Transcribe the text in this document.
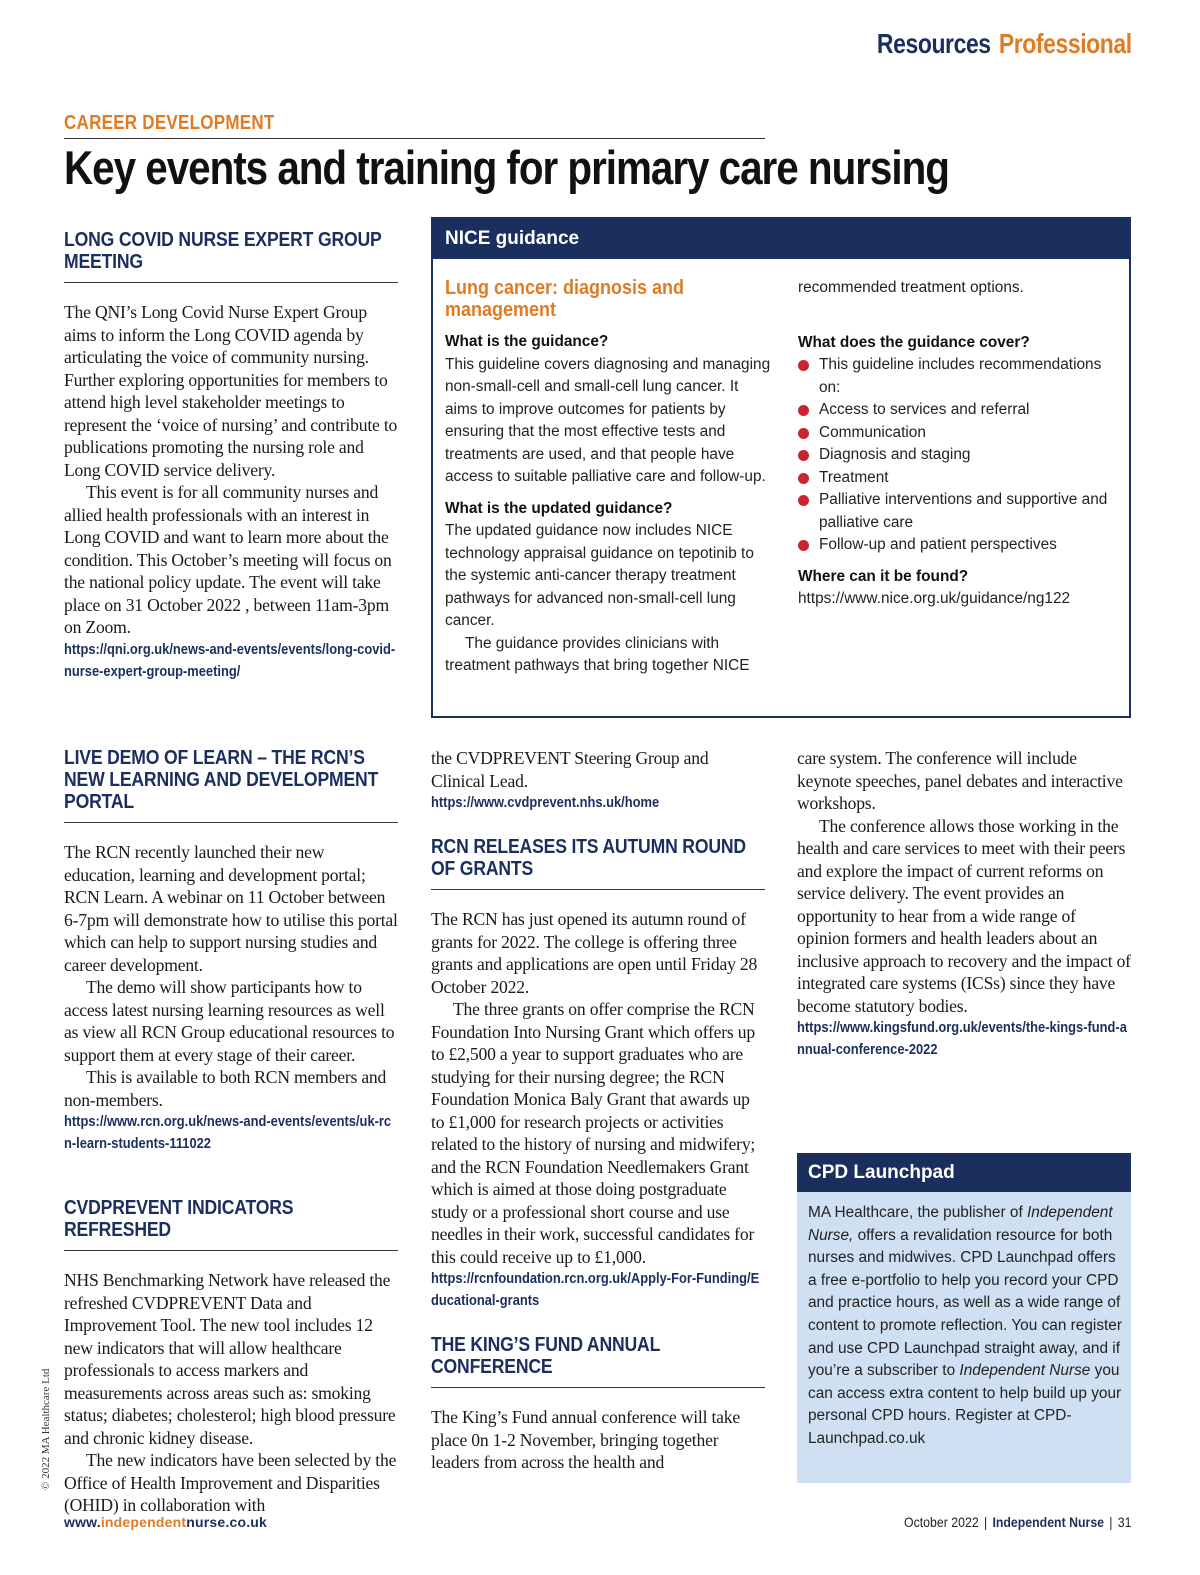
Resources Professional
CAREER DEVELOPMENT
Key events and training for primary care nursing
LONG COVID NURSE EXPERT GROUP MEETING

The QNI’s Long Covid Nurse Expert Group aims to inform the Long COVID agenda by articulating the voice of community nursing. Further exploring opportunities for members to attend high level stakeholder meetings to represent the ‘voice of nursing’ and contribute to publications promoting the nursing role and Long COVID service delivery.

This event is for all community nurses and allied health professionals with an interest in Long COVID and want to learn more about the condition. This October’s meeting will focus on the national policy update. The event will take place on 31 October 2022 , between 11am-3pm on Zoom.

https://qni.org.uk/news-and-events/events/long-covid-nurse-expert-group-meeting/

LIVE DEMO OF LEARN – THE RCN’S NEW LEARNING AND DEVELOPMENT PORTAL

The RCN recently launched their new education, learning and development portal; RCN Learn. A webinar on 11 October between 6-7pm will demonstrate how to utilise this portal which can help to support nursing studies and career development.

The demo will show participants how to access latest nursing learning resources as well as view all RCN Group educational resources to support them at every stage of their career.

This is available to both RCN members and non-members.

https://www.rcn.org.uk/news-and-events/events/uk-rcn-learn-students-111022

CVDPREVENT INDICATORS REFRESHED

NHS Benchmarking Network have released the refreshed CVDPREVENT Data and Improvement Tool. The new tool includes 12 new indicators that will allow healthcare professionals to access markers and measurements across areas such as: smoking status; diabetes; cholesterol; high blood pressure and chronic kidney disease.

The new indicators have been selected by the Office of Health Improvement and Disparities (OHID) in collaboration with

NICE guidance

Lung cancer: diagnosis and management

What is the guidance?

This guideline covers diagnosing and managing non-small-cell and small-cell lung cancer. It aims to improve outcomes for patients by ensuring that the most effective tests and treatments are used, and that people have access to suitable palliative care and follow-up.

What is the updated guidance?

The updated guidance now includes NICE technology appraisal guidance on tepotinib to the systemic anti-cancer therapy treatment pathways for advanced non-small-cell lung cancer.

The guidance provides clinicians with treatment pathways that bring together NICE

recommended treatment options.

What does the guidance cover?

This guideline includes recommendations on:
Access to services and referral
Communication
Diagnosis and staging
Treatment
Palliative interventions and supportive and palliative care
Follow-up and patient perspectives

Where can it be found?

https://www.nice.org.uk/guidance/ng122

the CVDPREVENT Steering Group and Clinical Lead.

https://www.cvdprevent.nhs.uk/home

RCN RELEASES ITS AUTUMN ROUND OF GRANTS

The RCN has just opened its autumn round of grants for 2022. The college is offering three grants and applications are open until Friday 28 October 2022.

The three grants on offer comprise the RCN Foundation Into Nursing Grant which offers up to £2,500 a year to support graduates who are studying for their nursing degree; the RCN Foundation Monica Baly Grant that awards up to £1,000 for research projects or activities related to the history of nursing and midwifery; and the RCN Foundation Needlemakers Grant which is aimed at those doing postgraduate study or a professional short course and use needles in their work, successful candidates for this could receive up to £1,000.

https://rcnfoundation.rcn.org.uk/Apply-For-Funding/Educational-grants

THE KING’S FUND ANNUAL CONFERENCE

The King’s Fund annual conference will take place 0n 1-2 November, bringing together leaders from across the health and

care system. The conference will include keynote speeches, panel debates and interactive workshops.

The conference allows those working in the health and care services to meet with their peers and explore the impact of current reforms on service delivery. The event provides an opportunity to hear from a wide range of opinion formers and health leaders about an inclusive approach to recovery and the impact of integrated care systems (ICSs) since they have become statutory bodies.

https://www.kingsfund.org.uk/events/the-kings-fund-annual-conference-2022

CPD Launchpad

MA Healthcare, the publisher of Independent Nurse, offers a revalidation resource for both nurses and midwives. CPD Launchpad offers a free e-portfolio to help you record your CPD and practice hours, as well as a wide range of content to promote reflection. You can register and use CPD Launchpad straight away, and if you’re a subscriber to Independent Nurse you can access extra content to help build up your personal CPD hours. Register at CPD-Launchpad.co.uk

© 2022 MA Healthcare Ltd
www.independentnurse.co.uk	October 2022 | Independent Nurse | 31
